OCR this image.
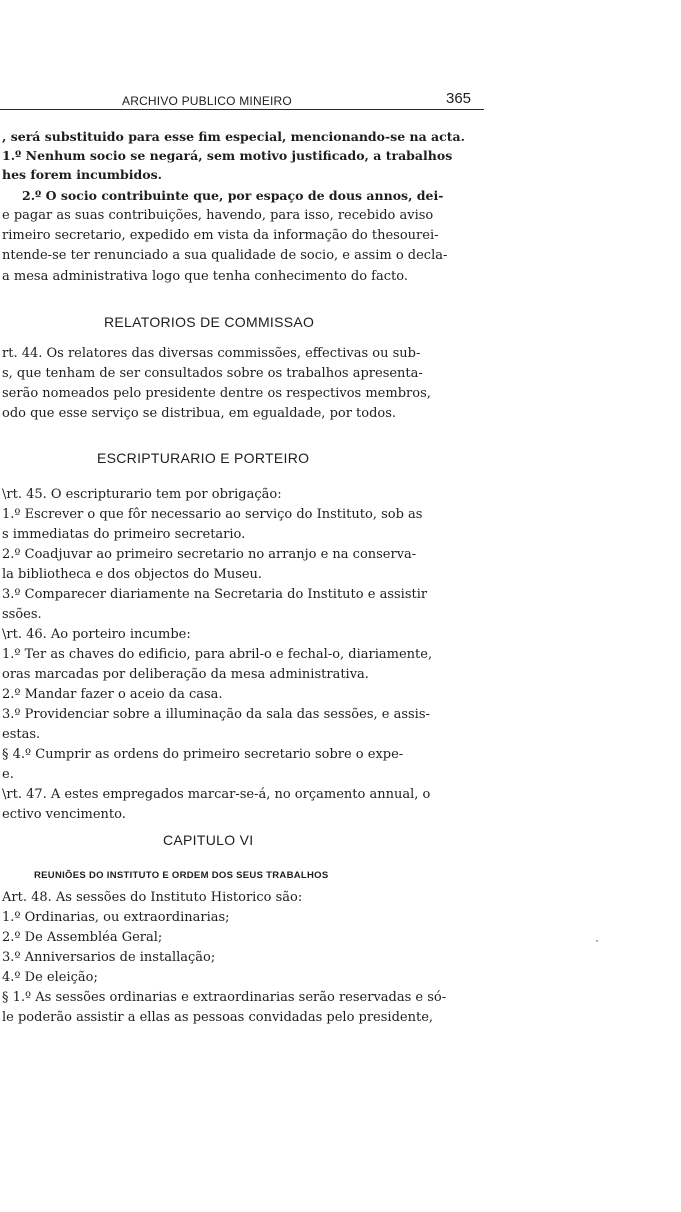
ARCHIVO PUBLICO MINEIRO	365
, será substituido para esse fim especial, mencionando-se na acta.
1.º Nenhum socio se negará, sem motivo justificado, a trabalhos
hes forem incumbidos.
2.º O socio contribuinte que, por espaço de dous annos, dei-
e pagar as suas contribuições, havendo, para isso, recebido aviso
rimeiro secretario, expedido em vista da informação do thesourei-
ntende-se ter renunciado a sua qualidade de socio, e assim o decla-
a mesa administrativa logo que tenha conhecimento do facto.
RELATORIOS DE COMMISSAO
rt. 44. Os relatores das diversas commissões, effectivas ou sub-
s, que tenham de ser consultados sobre os trabalhos apresenta-
serão nomeados pelo presidente dentre os respectivos membros,
odo que esse serviço se distribua, em egualdade, por todos.
ESCRIPTURARIO E PORTEIRO
\rt. 45. O escripturario tem por obrigação:
1.º Escrever o que fôr necessario ao serviço do Instituto, sob as
s immediatas do primeiro secretario.
2.º Coadjuvar ao primeiro secretario no arranjo e na conserva-
la bibliotheca e dos objectos do Museu.
3.º Comparecer diariamente na Secretaria do Instituto e assistir
ssões.
\rt. 46. Ao porteiro incumbe:
1.º Ter as chaves do edificio, para abril-o e fechal-o, diariamente,
oras marcadas por deliberação da mesa administrativa.
2.º Mandar fazer o aceio da casa.
3.º Providenciar sobre a illuminação da sala das sessões, e assis-
estas.
§ 4.º Cumprir as ordens do primeiro secretario sobre o expe-
e.
\rt. 47. A estes empregados marcar-se-á, no orçamento annual, o
ectivo vencimento.
CAPITULO VI
REUNIÕES DO INSTITUTO E ORDEM DOS SEUS TRABALHOS
Art. 48. As sessões do Instituto Historico são:
1.º Ordinarias, ou extraordinarias;
2.º De Assembléa Geral;
3.º Anniversarios de installação;
4.º De eleição;
§ 1.º As sessões ordinarias e extraordinarias serão reservadas e só-
le poderão assistir a ellas as pessoas convidadas pelo presidente,
